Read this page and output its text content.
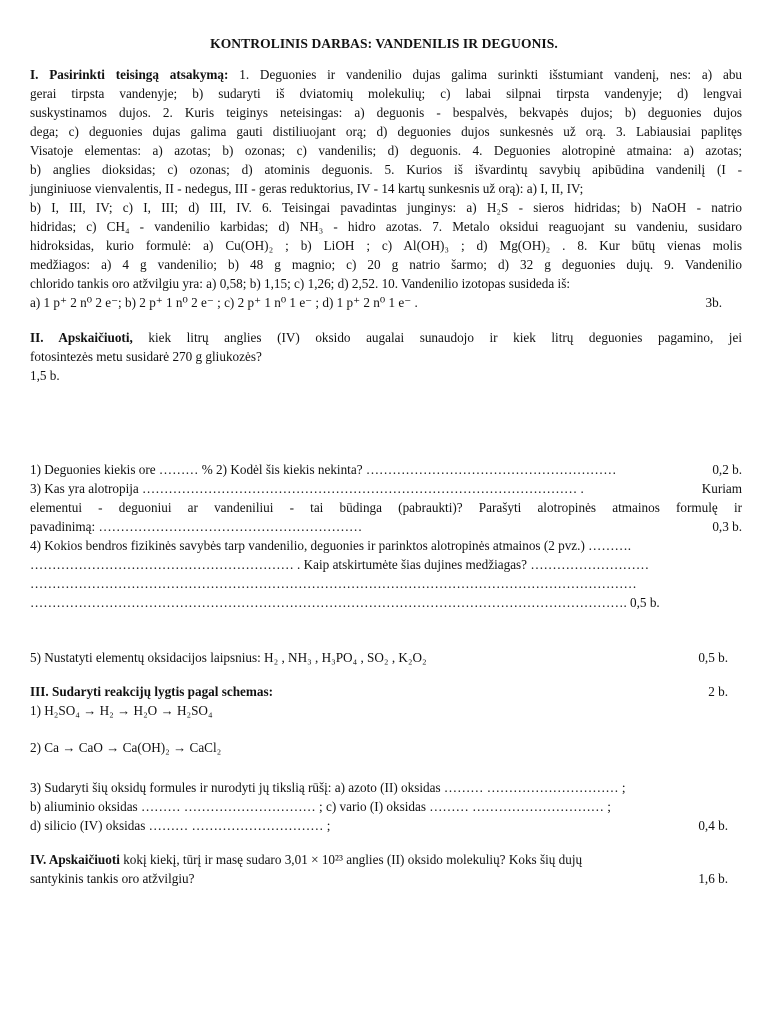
KONTROLINIS DARBAS: VANDENILIS IR DEGUONIS.
I. Pasirinkti teisingą atsakymą: 1. Deguonies ir vandenilio dujas galima surinkti išstumiant vandenį, nes: a) abu
gerai tirpsta vandenyje; b) sudaryti iš dviatomių molekulių; c) labai silpnai tirpsta vandenyje; d) lengvai
suskystinamos dujos. 2. Kuris teiginys neteisingas: a) deguonis - bespalvės, bekvapės dujos; b) deguonies dujos
dega; c) deguonies dujas galima gauti distiliuojant orą; d) deguonies dujos sunkesnės už orą. 3. Labiausiai paplitęs
Visatoje elementas: a) azotas; b) ozonas; c) vandenilis; d) deguonis. 4. Deguonies alotropinė atmaina: a) azotas;
b) anglies dioksidas; c) ozonas; d) atominis deguonis. 5. Kurios iš išvardintų savybių apibūdina vandenilį (I -
junginiuose vienvalentis, II - nedegus, III - geras reduktorius, IV - 14 kartų sunkesnis už orą): a) I, II, IV;
b) I, III, IV; c) I, III; d) III, IV. 6. Teisingai pavadintas junginys: a) H₂S - sieros hidridas; b) NaOH - natrio
hidridas; c) CH₄ - vandenilio karbidas; d) NH₃ - hidro azotas. 7. Metalo oksidui reaguojant su vandeniu, susidaro
hidroksidas, kurio formulė: a) Cu(OH)₂ ; b) LiOH ; c) Al(OH)₃ ; d) Mg(OH)₂ . 8. Kur būtų vienas molis
medžiagos: a) 4 g vandenilio; b) 48 g magnio; c) 20 g natrio šarmo; d) 32 g deguonies dujų. 9. Vandenilio
chlorido tankis oro atžvilgiu yra: a) 0,58; b) 1,15; c) 1,26; d) 2,52. 10. Vandenilio izotopas susideda iš:
a) 1 p⁺ 2 n⁰ 2 e⁻; b) 2 p⁺ 1 n⁰ 2 e⁻ ; c) 2 p⁺ 1 n⁰ 1 e⁻ ; d) 1 p⁺ 2 n⁰ 1 e⁻ .	3b.
II. Apskaičiuoti, kiek litrų anglies (IV) oksido augalai sunaudojo ir kiek litrų deguonies pagamino, jei
fotosintezės metu susidarė 270 g gliukozės?
1,5 b.
1) Deguonies kiekis ore ……… % 2) Kodėl šis kiekis nekinta? …………………………………………………	0,2 b.
3) Kas yra alotropija ……………………………………………………………………………………… .	Kuriam
elementui - deguoniui ar vandeniliui - tai būdinga (pabraukti)? Parašyti alotropinės atmainos formulę ir
pavadinimą: ……………………………………………………	0,3 b.
4) Kokios bendros fizikinės savybės tarp vandenilio, deguonies ir parinktos alotropinės atmainos (2 pvz.) ……….
…………………………………………………… . Kaip atskirtumėte šias dujines medžiagas? ………………………
…………………………………………………………………………………………………………………………
………………………………………………………………………………………………………………………. 0,5 b.
5) Nustatyti elementų oksidacijos laipsnius: H₂ , NH₃ , H₃PO₄ , SO₂ , K₂O₂	0,5 b.
III. Sudaryti reakcijų lygtis pagal schemas:	2 b.
1) H₂SO₄ → H₂ → H₂O → H₂SO₄
2) Ca → CaO → Ca(OH)₂ → CaCl₂
3) Sudaryti šių oksidų formules ir nurodyti jų tikslią rūšį: a) azoto (II) oksidas ……… ………………………… ;
b) aliuminio oksidas ……… ………………………… ; c) vario (I) oksidas ……… ………………………… ;
d) silicio (IV) oksidas ……… ………………………… ;	0,4 b.
IV. Apskaičiuoti kokį kiekį, tūrį ir masę sudaro 3,01 × 10²³ anglies (II) oksido molekulių? Koks šių dujų
santykinis tankis oro atžvilgiu?	1,6 b.
